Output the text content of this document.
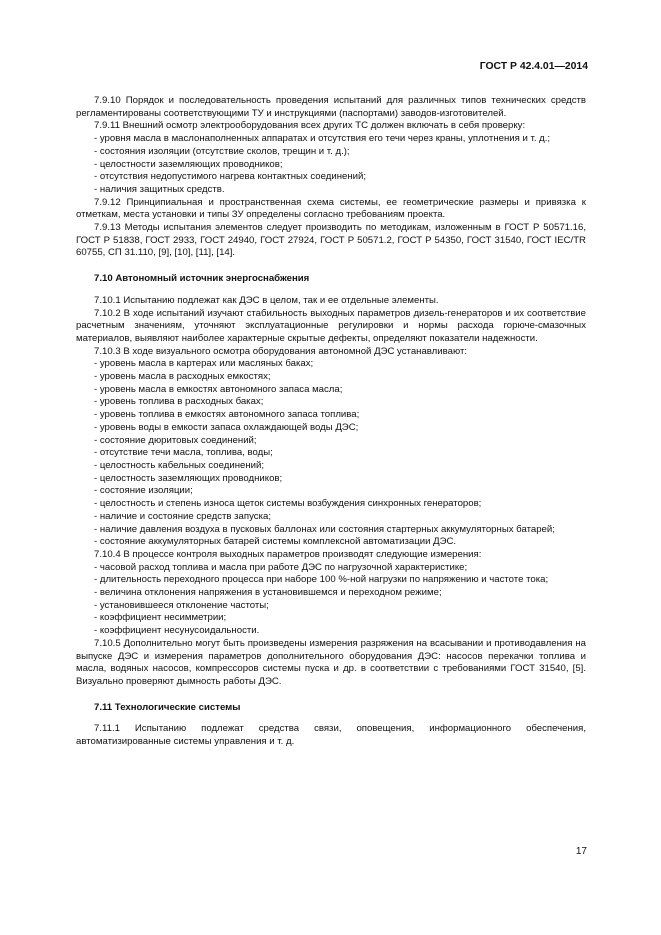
ГОСТ Р 42.4.01—2014

7.9.10 Порядок и последовательность проведения испытаний для различных типов технических средств регламентированы соответствующими ТУ и инструкциями (паспортами) заводов-изготовителей.

7.9.11 Внешний осмотр электрооборудования всех других ТС должен включать в себя проверку:

- уровня масла в маслонаполненных аппаратах и отсутствия его течи через краны, уплотнения и т. д.;

- состояния изоляции (отсутствие сколов, трещин и т. д.);

- целостности заземляющих проводников;

- отсутствия недопустимого нагрева контактных соединений;

- наличия защитных средств.

7.9.12 Принципиальная и пространственная схема системы, ее геометрические размеры и привязка к отметкам, места установки и типы ЗУ определены согласно требованиям проекта.

7.9.13 Методы испытания элементов следует производить по методикам, изложенным в ГОСТ Р 50571.16, ГОСТ Р 51838, ГОСТ 2933, ГОСТ 24940, ГОСТ 27924, ГОСТ Р 50571.2, ГОСТ Р 54350, ГОСТ 31540, ГОСТ IEC/TR 60755, СП 31.110, [9], [10], [11], [14].

7.10 Автономный источник энергоснабжения

7.10.1 Испытанию подлежат как ДЭС в целом, так и ее отдельные элементы.

7.10.2 В ходе испытаний изучают стабильность выходных параметров дизель-генераторов и их соответствие расчетным значениям, уточняют эксплуатационные регулировки и нормы расхода горюче-смазочных материалов, выявляют наиболее характерные скрытые дефекты, определяют показатели надежности.

7.10.3 В ходе визуального осмотра оборудования автономной ДЭС устанавливают:

- уровень масла в картерах или масляных баках;

- уровень масла в расходных емкостях;

- уровень масла в емкостях автономного запаса масла;

- уровень топлива в расходных баках;

- уровень топлива в емкостях автономного запаса топлива;

- уровень воды в емкости запаса охлаждающей воды ДЭС;

- состояние дюритовых соединений;

- отсутствие течи масла, топлива, воды;

- целостность кабельных соединений;

- целостность заземляющих проводников;

- состояние изоляции;

- целостность и степень износа щеток системы возбуждения синхронных генераторов;

- наличие и состояние средств запуска;

- наличие давления воздуха в пусковых баллонах или состояния стартерных аккумуляторных батарей;

- состояние аккумуляторных батарей системы комплексной автоматизации ДЭС.

7.10.4 В процессе контроля выходных параметров производят следующие измерения:

- часовой расход топлива и масла при работе ДЭС по нагрузочной характеристике;

- длительность переходного процесса при наборе 100 %-ной нагрузки по напряжению и частоте тока;

- величина отклонения напряжения в установившемся и переходном режиме;

- установившееся отклонение частоты;

- коэффициент несимметрии;

- коэффициент несунусоидальности.

7.10.5 Дополнительно могут быть произведены измерения разряжения на всасывании и противодавления на выпуске ДЭС и измерения параметров дополнительного оборудования ДЭС: насосов перекачки топлива и масла, водяных насосов, компрессоров системы пуска и др. в соответствии с требованиями ГОСТ 31540, [5]. Визуально проверяют дымность работы ДЭС.

7.11 Технологические системы

7.11.1 Испытанию подлежат средства связи, оповещения, информационного обеспечения, автоматизированные системы управления и т. д.

17
